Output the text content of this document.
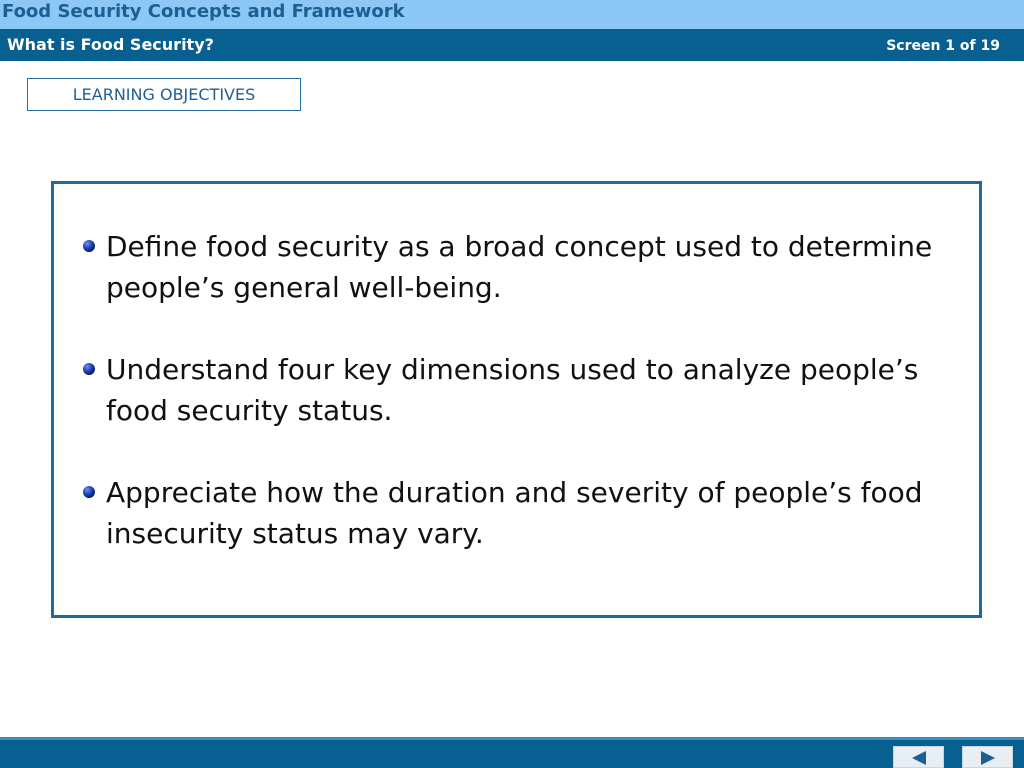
Food Security Concepts and Framework
What is Food Security?	Screen 1 of 19
LEARNING OBJECTIVES
Define food security as a broad concept used to determine people’s general well-being.
Understand four key dimensions used to analyze people’s food security status.
Appreciate how the duration and severity of people’s food insecurity status may vary.
